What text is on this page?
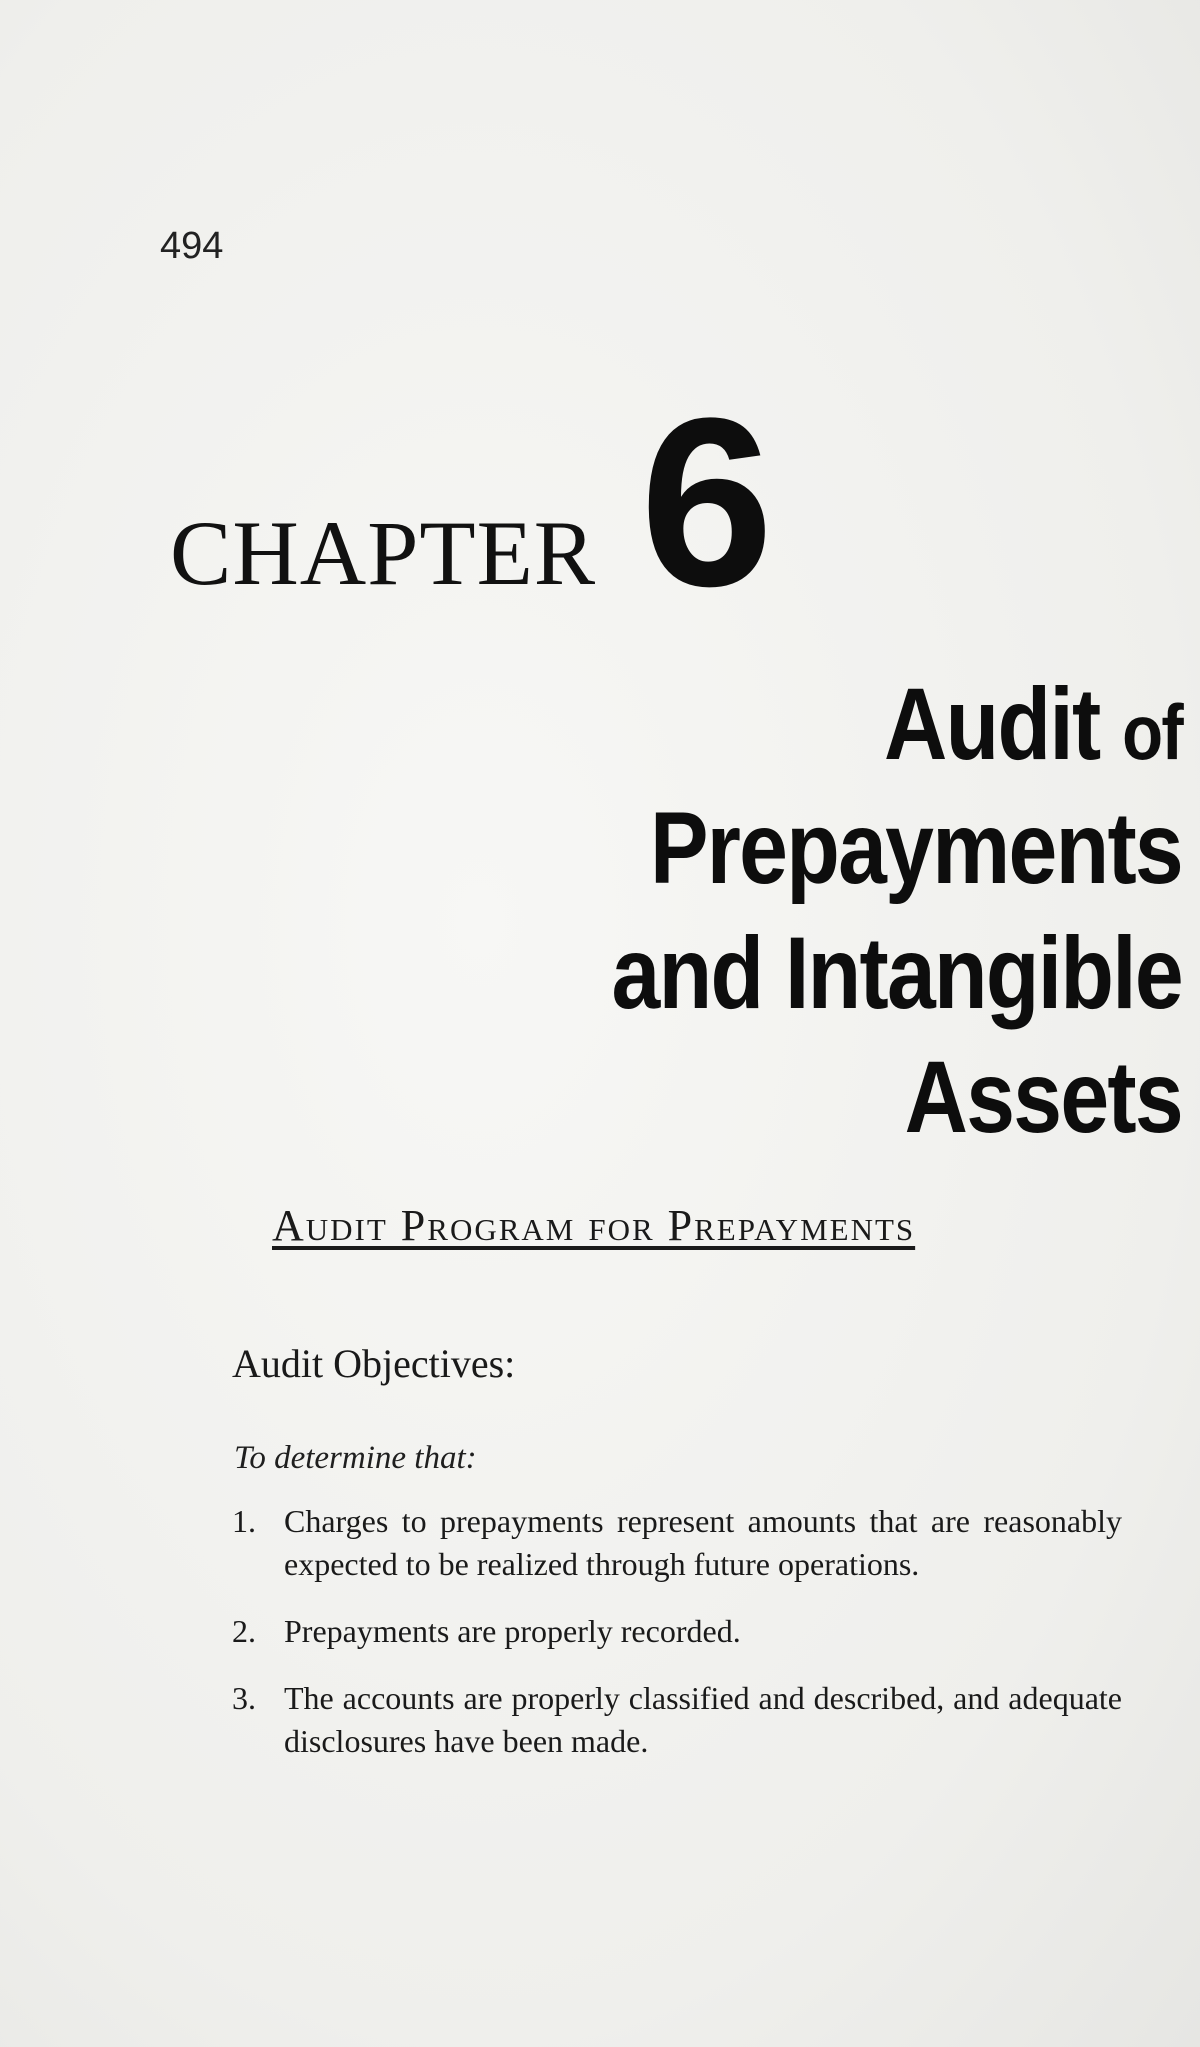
494
CHAPTER 6
Audit of
Prepayments
and Intangible Assets
Audit Program for Prepayments
Audit Objectives:
To determine that:
1. Charges to prepayments represent amounts that are reasonably expected to be realized through future operations.
2. Prepayments are properly recorded.
3. The accounts are properly classified and described, and adequate disclosures have been made.
